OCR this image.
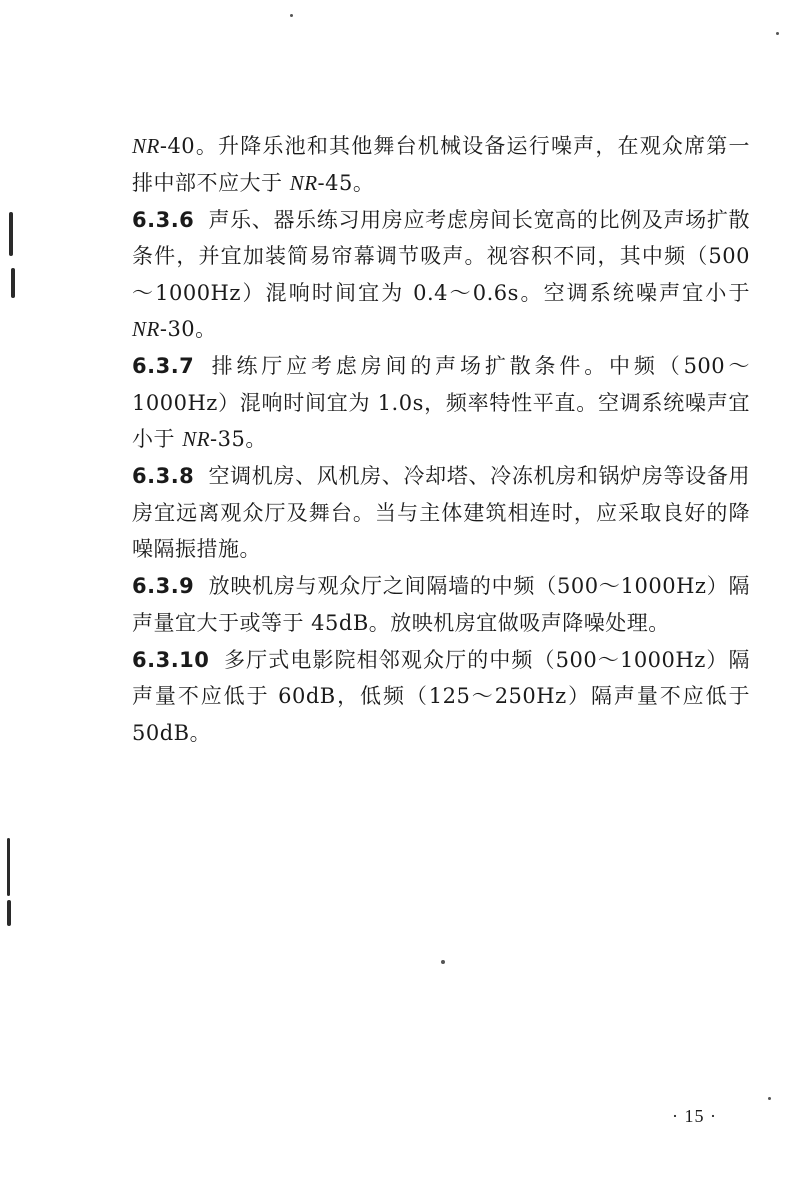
NR-40。升降乐池和其他舞台机械设备运行噪声，在观众席第一排中部不应大于 NR-45。

6.3.6 声乐、器乐练习用房应考虑房间长宽高的比例及声场扩散条件，并宜加装简易帘幕调节吸声。视容积不同，其中频（500～1000Hz）混响时间宜为 0.4～0.6s。空调系统噪声宜小于 NR-30。

6.3.7 排练厅应考虑房间的声场扩散条件。中频（500～1000Hz）混响时间宜为 1.0s，频率特性平直。空调系统噪声宜小于 NR-35。

6.3.8 空调机房、风机房、冷却塔、冷冻机房和锅炉房等设备用房宜远离观众厅及舞台。当与主体建筑相连时，应采取良好的降噪隔振措施。

6.3.9 放映机房与观众厅之间隔墙的中频（500～1000Hz）隔声量宜大于或等于 45dB。放映机房宜做吸声降噪处理。

6.3.10 多厅式电影院相邻观众厅的中频（500～1000Hz）隔声量不应低于 60dB，低频（125～250Hz）隔声量不应低于 50dB。

· 15 ·
